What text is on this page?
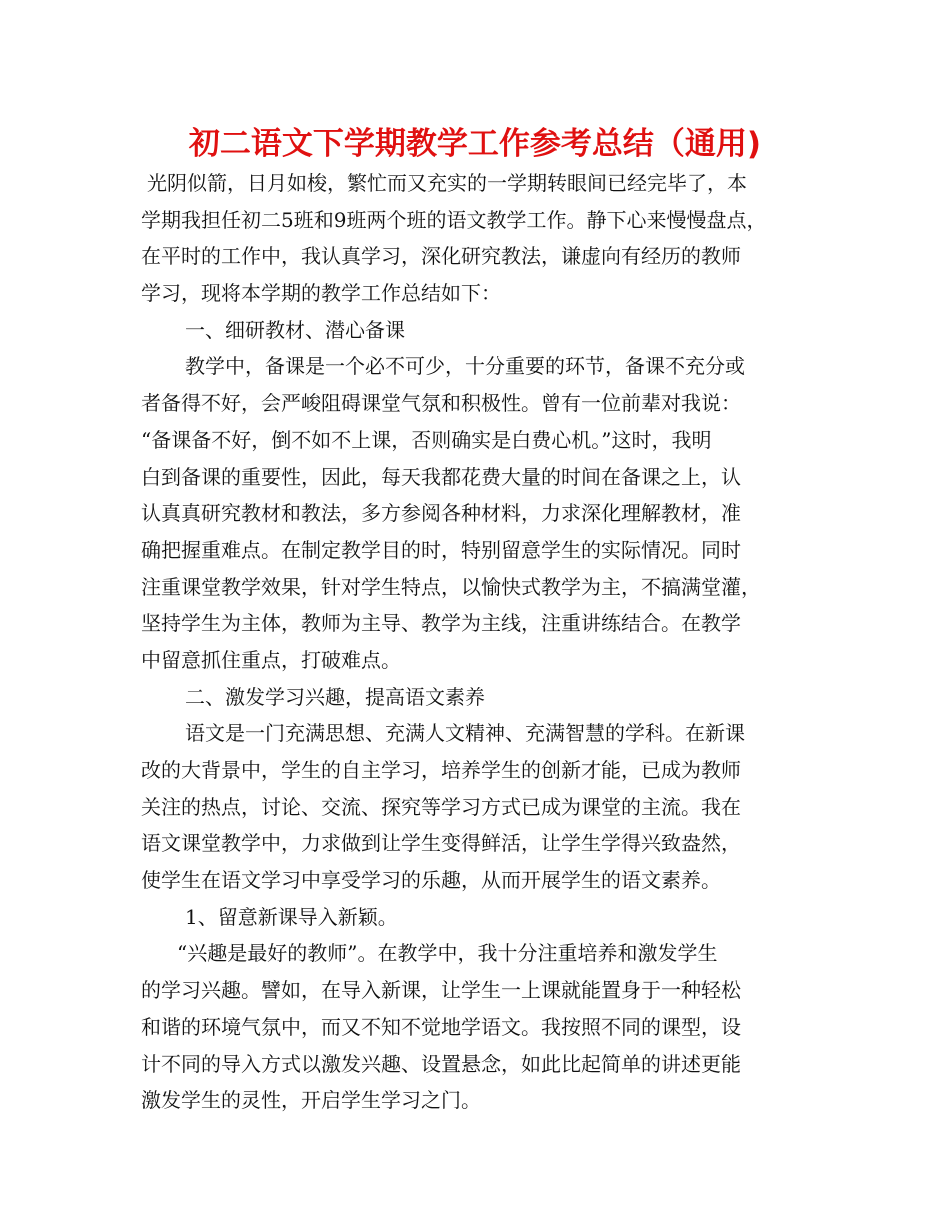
初二语文下学期教学工作参考总结（通用)
光阴似箭，日月如梭，繁忙而又充实的一学期转眼间已经完毕了，本
学期我担任初二5班和9班两个班的语文教学工作。静下心来慢慢盘点，
在平时的工作中，我认真学习，深化研究教法，谦虚向有经历的教师
学习，现将本学期的教学工作总结如下：
一、细研教材、潜心备课
教学中，备课是一个必不可少，十分重要的环节，备课不充分或
者备得不好，会严峻阻碍课堂气氛和积极性。曾有一位前辈对我说：
“备课备不好，倒不如不上课，否则确实是白费心机。”这时，我明
白到备课的重要性，因此，每天我都花费大量的时间在备课之上，认
认真真研究教材和教法，多方参阅各种材料，力求深化理解教材，准
确把握重难点。在制定教学目的时，特别留意学生的实际情况。同时
注重课堂教学效果，针对学生特点，以愉快式教学为主，不搞满堂灌，
坚持学生为主体，教师为主导、教学为主线，注重讲练结合。在教学
中留意抓住重点，打破难点。
二、激发学习兴趣，提高语文素养
语文是一门充满思想、充满人文精神、充满智慧的学科。在新课
改的大背景中，学生的自主学习，培养学生的创新才能，已成为教师
关注的热点，讨论、交流、探究等学习方式已成为课堂的主流。我在
语文课堂教学中，力求做到让学生变得鲜活，让学生学得兴致盎然，
使学生在语文学习中享受学习的乐趣，从而开展学生的语文素养。
1、留意新课导入新颖。
“兴趣是最好的教师”。在教学中，我十分注重培养和激发学生
的学习兴趣。譬如，在导入新课，让学生一上课就能置身于一种轻松
和谐的环境气氛中，而又不知不觉地学语文。我按照不同的课型，设
计不同的导入方式以激发兴趣、设置悬念，如此比起简单的讲述更能
激发学生的灵性，开启学生学习之门。
